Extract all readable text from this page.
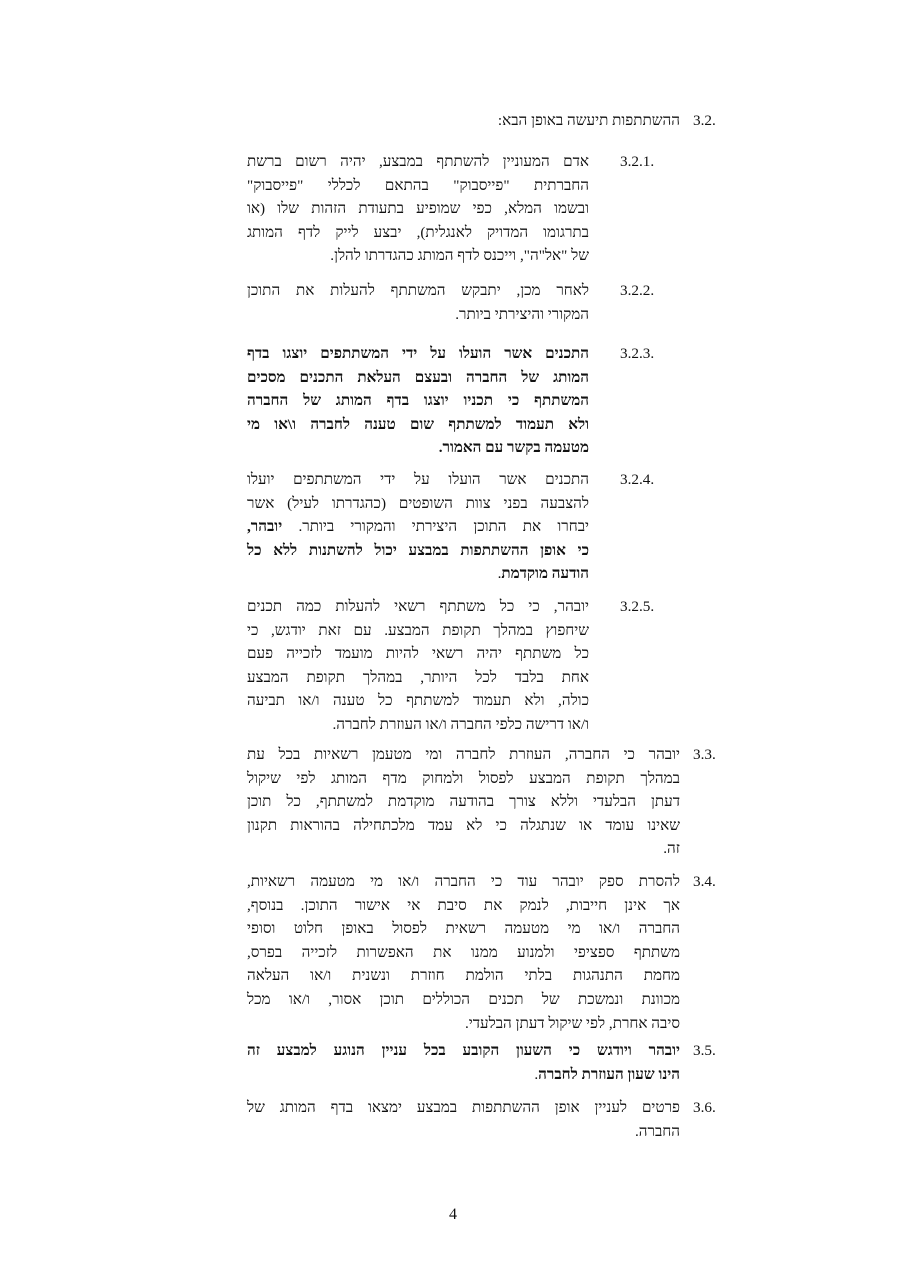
3.2.
ההשתתפות תיעשה באופן הבא:
3.2.1.
אדם המעוניין להשתתף במבצע, יהיה רשום ברשת
החברתית "פייסבוק" בהתאם לכללי "פייסבוק"
ובשמו המלא, כפי שמופיע בתעודת הזהות שלו (או
בתרגומו המדויק לאנגלית), יבצע לייק לדף המותג
של "אל"ה", וייכנס לדף המותג כהגדרתו להלן.
3.2.2.
לאחר מכן, יתבקש המשתתף להעלות את התוכן
המקורי והיצירתי ביותר.
3.2.3.
התכנים אשר הועלו על ידי המשתתפים יוצגו בדף
המותג של החברה ובעצם העלאת התכנים מסכים
המשתתף כי תכניו יוצגו בדף המותג של החברה
ולא תעמוד למשתתף שום טענה לחברה ו\או מי
מטעמה בקשר עם האמור.
3.2.4.
התכנים אשר הועלו על ידי המשתתפים יועלו
להצבעה בפני צוות השופטים (כהגדרתו לעיל) אשר
יבחרו את התוכן היצירתי והמקורי ביותר. יובהר,
כי אופן ההשתתפות במבצע יכול להשתנות ללא כל
הודעה מוקדמת.
3.2.5.
יובהר, כי כל משתתף רשאי להעלות כמה תכנים
שיחפוץ במהלך תקופת המבצע. עם זאת יודגש, כי
כל משתתף יהיה רשאי להיות מועמד לזכייה פעם
אחת בלבד לכל היותר, במהלך תקופת המבצע
כולה, ולא תעמוד למשתתף כל טענה ו/או תביעה
ו/או דרישה כלפי החברה ו/או העוזרת לחברה.
3.3.
יובהר כי החברה, העוזרת לחברה ומי מטעמן רשאיות בכל עת
במהלך תקופת המבצע לפסול ולמחוק מדף המותג לפי שיקול
דעתן הבלעדי וללא צורך בהודעה מוקדמת למשתתף, כל תוכן
שאינו עומד או שנתגלה כי לא עמד מלכתחילה בהוראות תקנון
זה.
3.4.
להסרת ספק יובהר עוד כי החברה ו/או מי מטעמה רשאיות,
אך אינן חייבות, לנמק את סיבת אי אישור התוכן. בנוסף,
החברה ו/או מי מטעמה רשאית לפסול באופן חלוט וסופי
משתתף ספציפי ולמנוע ממנו את האפשרות לזכייה בפרס,
מחמת התנהגות בלתי הולמת חוזרת ונשנית ו/או העלאה
מכוונת ונמשכת של תכנים הכוללים תוכן אסור, ו/או מכל
סיבה אחרת, לפי שיקול דעתן הבלעדי.
3.5.
יובהר ויודגש כי השעון הקובע בכל עניין הנוגע למבצע זה
הינו שעון העוזרת לחברה.
3.6.
פרטים לעניין אופן ההשתתפות במבצע ימצאו בדף המותג של
החברה.
4
